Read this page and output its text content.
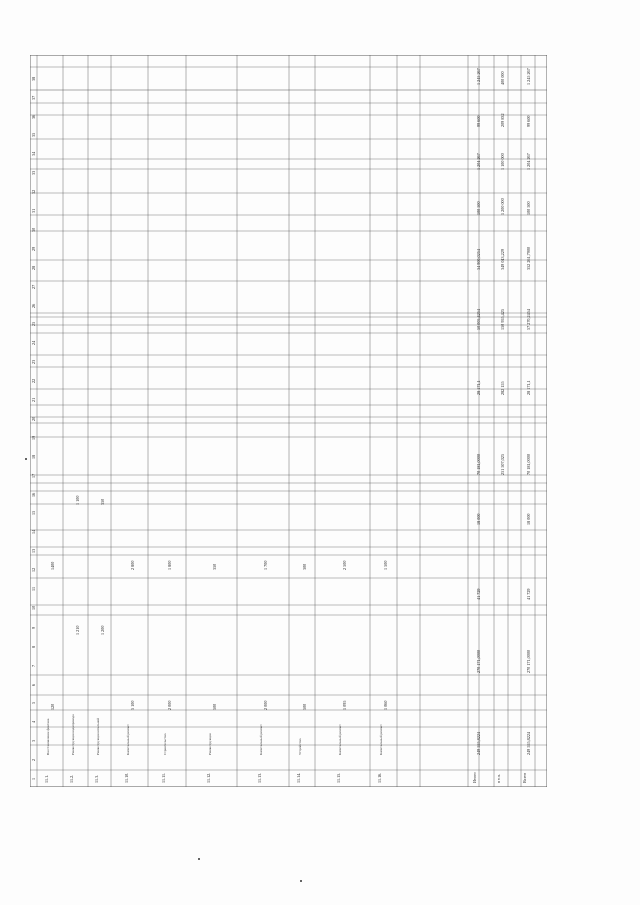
1
2
3
4
5
6
7
8
9
10
11
12
13
14
15
16
17
18
19
20
21
22
23
24
25
26
27
28
29
30
31
32
33
34
35
36
37
38
11.1.
Восстановление фонтана
120
1400
11.2.
Реконструкция водопровода
1 210
1 100
11.3.
Реконструкция котельной
1 200
350
11.10.
Капитальный ремонт
5 100
2 800
11.11.
Строительство
2 000
1 800
11.12.
Реконструкция
500
350
11.13.
Капитальный ремонт
2 000
1 700
11.14.
Устройство
500
300
11.15.
Капитальный ремонт
1 095
2 500
11.16.
Капитальный ремонт
1 060
1 500
Итого
249 555,8224
270 171,0000
41 729
18 000
70 181,0000
28 171,1
50 005,4254
34 900,0254
100 500
1 204 267
99 600
1 245 267
в т.ч.
251 507,025
282 155
150 955,425
349 043,229
1 200 000
1 100 000
209 832
400 000
Всего
249 555,8224
270 171,0000
41 729
18 000
70 181,0000
28 171,1
57 270,2454
352 261,7900
100 500
1 204 267
99 600
1 245 267
